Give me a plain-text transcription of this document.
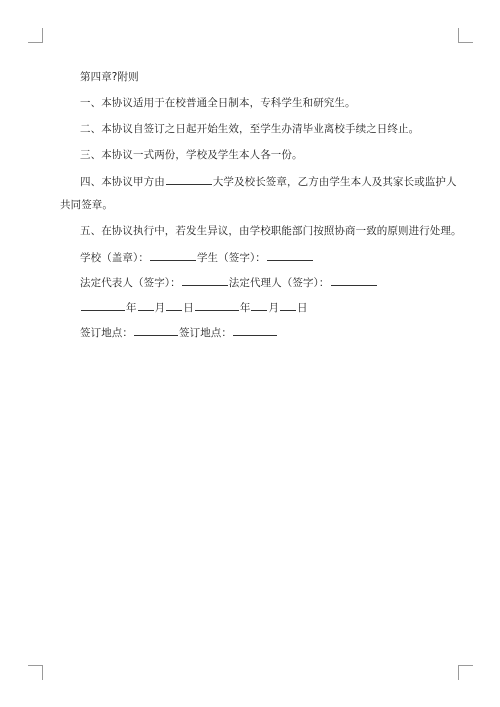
第四章?附则
一、本协议适用于在校普通全日制本，专科学生和研究生。
二、本协议自签订之日起开始生效，至学生办清毕业离校手续之日终止。
三、本协议一式两份，学校及学生本人各一份。
四、本协议甲方由	大学及校长签章，乙方由学生本人及其家长或监护人
共同签章。
五、在协议执行中，若发生异议，由学校职能部门按照协商一致的原则进行处理。
学校（盖章）：	学生（签字）：
法定代表人（签字）：	法定代理人（签字）：
年 月 日	年 月 日
签订地点：	签订地点：
